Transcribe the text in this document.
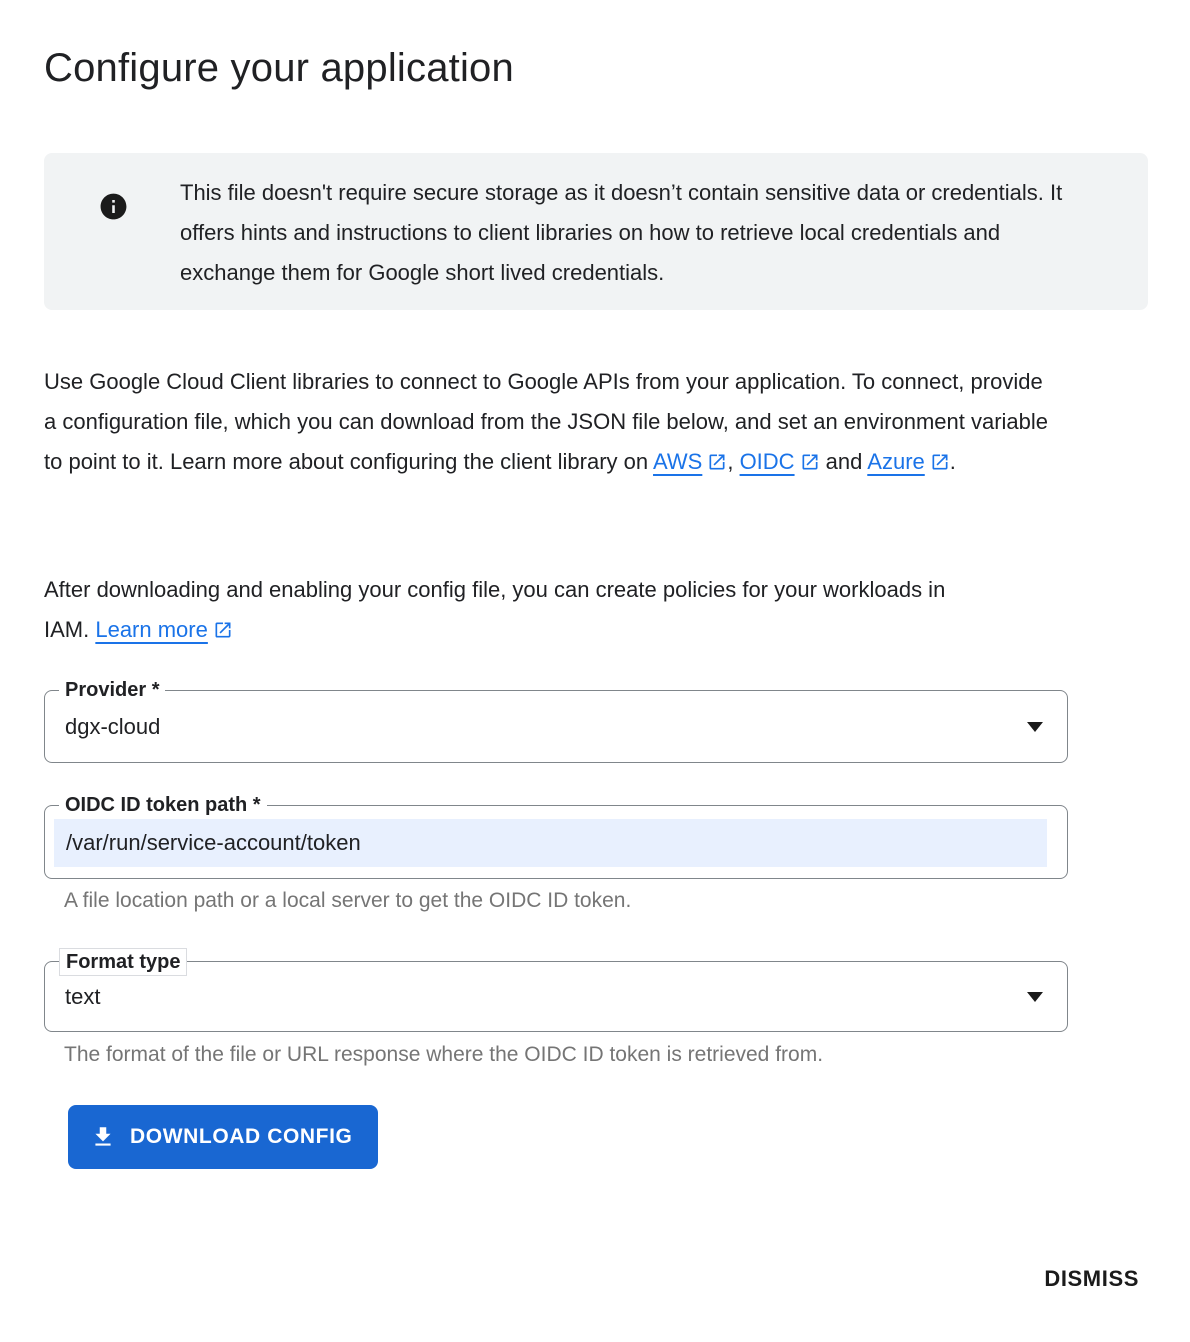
Configure your application

This file doesn't require secure storage as it doesn’t contain sensitive data or credentials. It offers hints and instructions to client libraries on how to retrieve local credentials and exchange them for Google short lived credentials.

Use Google Cloud Client libraries to connect to Google APIs from your application. To connect, provide a configuration file, which you can download from the JSON file below, and set an environment variable to point to it. Learn more about configuring the client library on AWS , OIDC and Azure .

After downloading and enabling your config file, you can create policies for your workloads in IAM. Learn more

Provider *
dgx-cloud
OIDC ID token path *
/var/run/service-account/token

A file location path or a local server to get the OIDC ID token.

Format type
text

The format of the file or URL response where the OIDC ID token is retrieved from.

DOWNLOAD CONFIG
DISMISS
